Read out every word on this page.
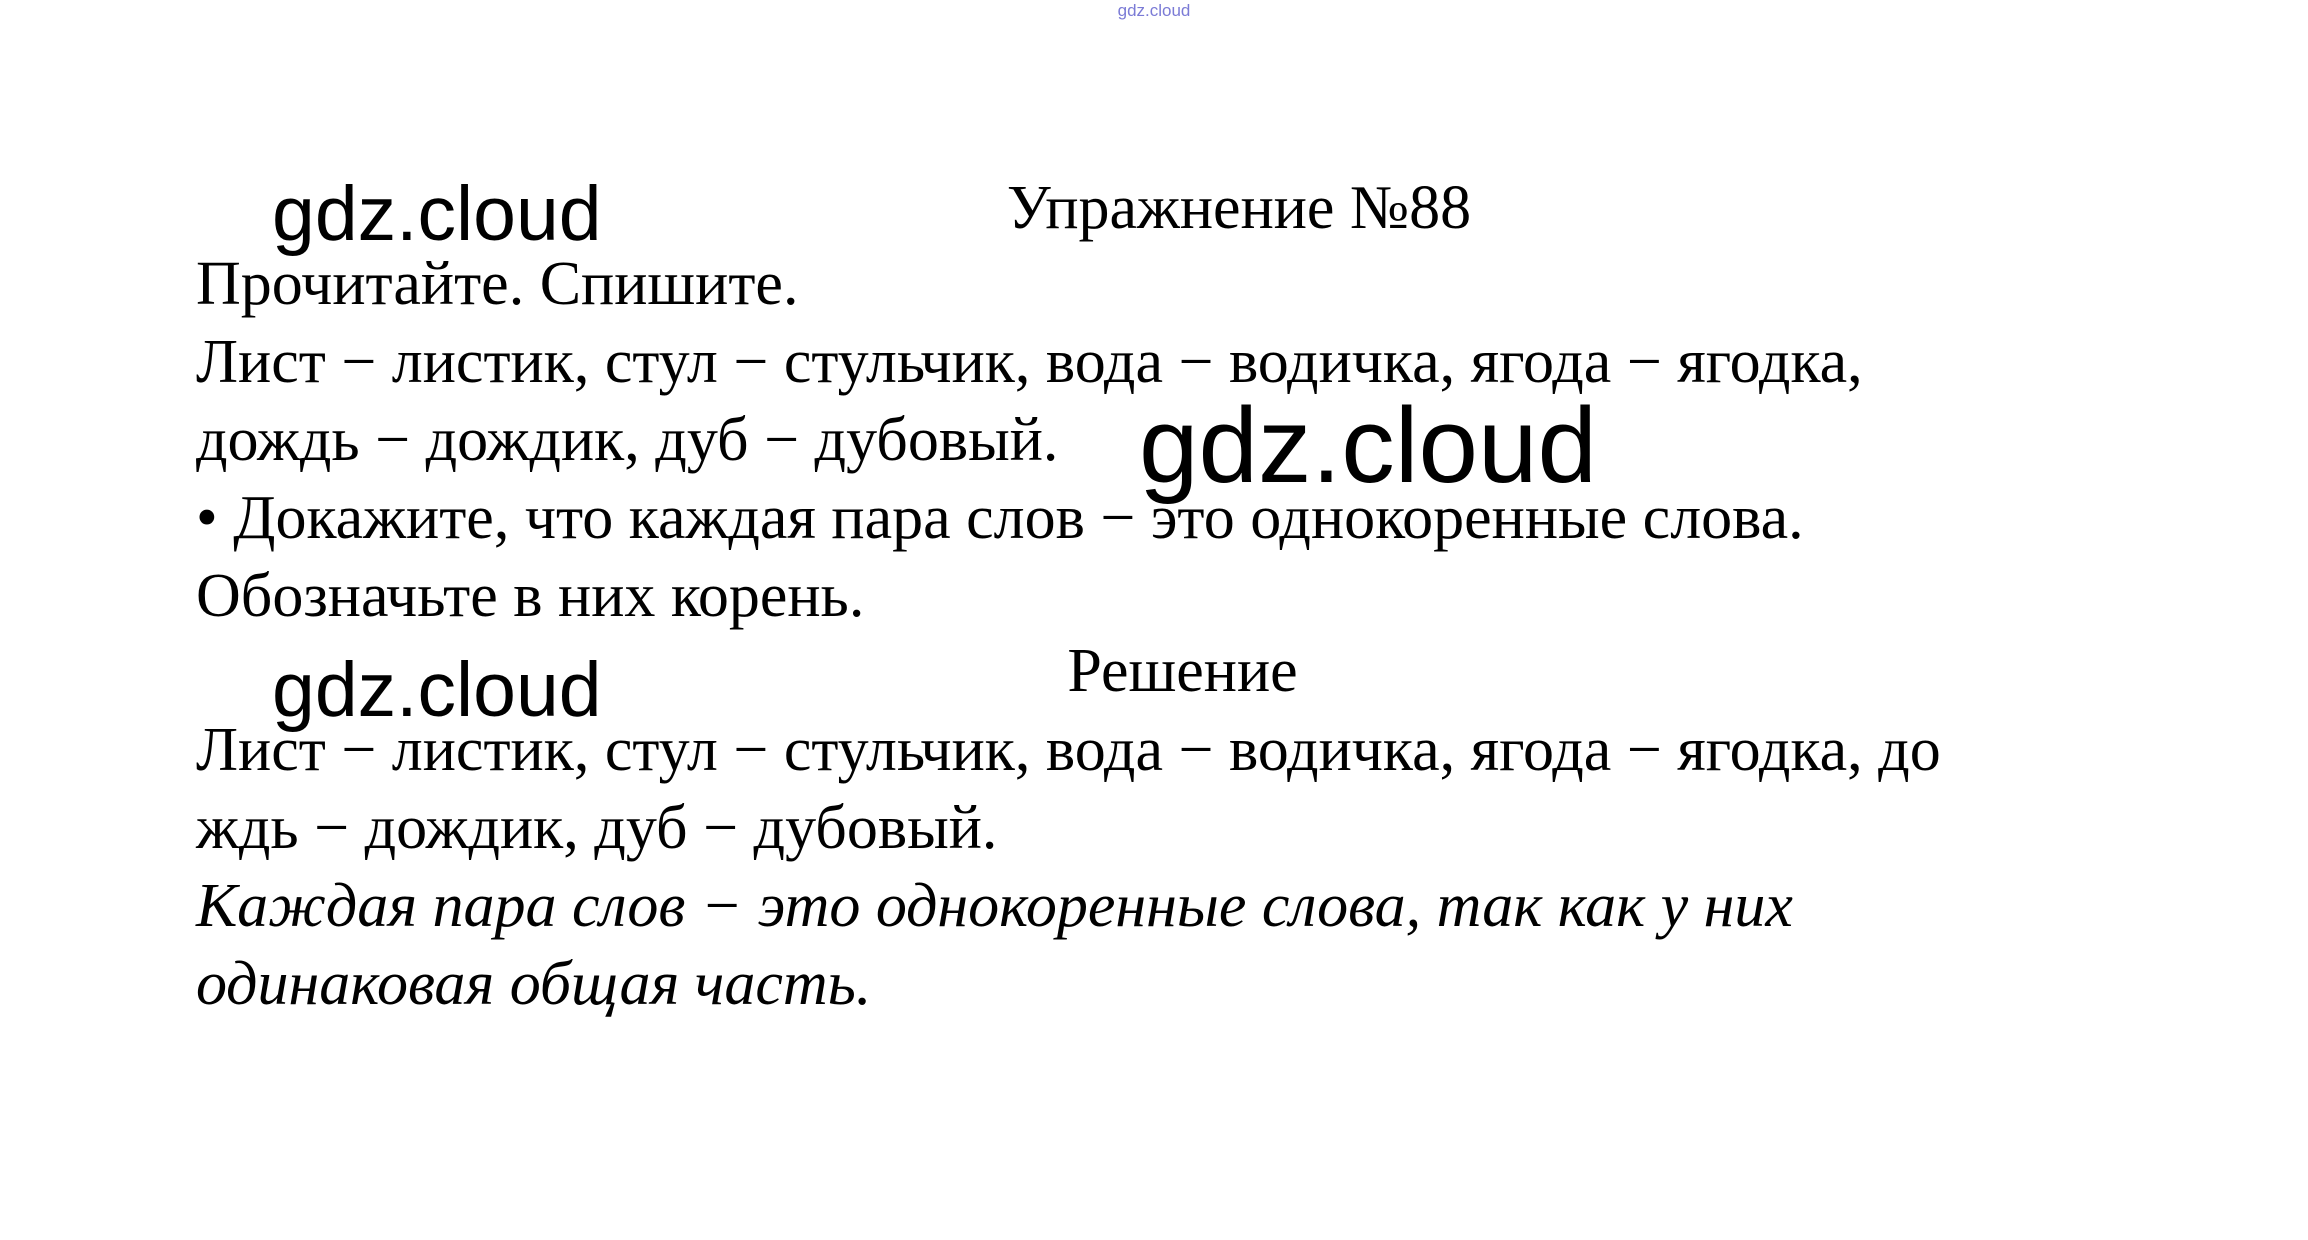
gdz.cloud
Упражнение №88
Прочитайте. Спишите.
Лист − листик, стул − стульчик, вода − водичка, ягода − ягодка,
дождь − дождик, дуб − дубовый.
• Докажите, что каждая пара слов − это однокоренные слова.
Обозначьте в них корень.
Решение
Лист − листик, стул − стульчик, вода − водичка, ягода − ягодка, до
ждь − дождик, дуб − дубовый.
Каждая пара слов − это однокоренные слова, так как у них
одинаковая общая часть.
gdz.cloud
gdz.cloud
gdz.cloud
